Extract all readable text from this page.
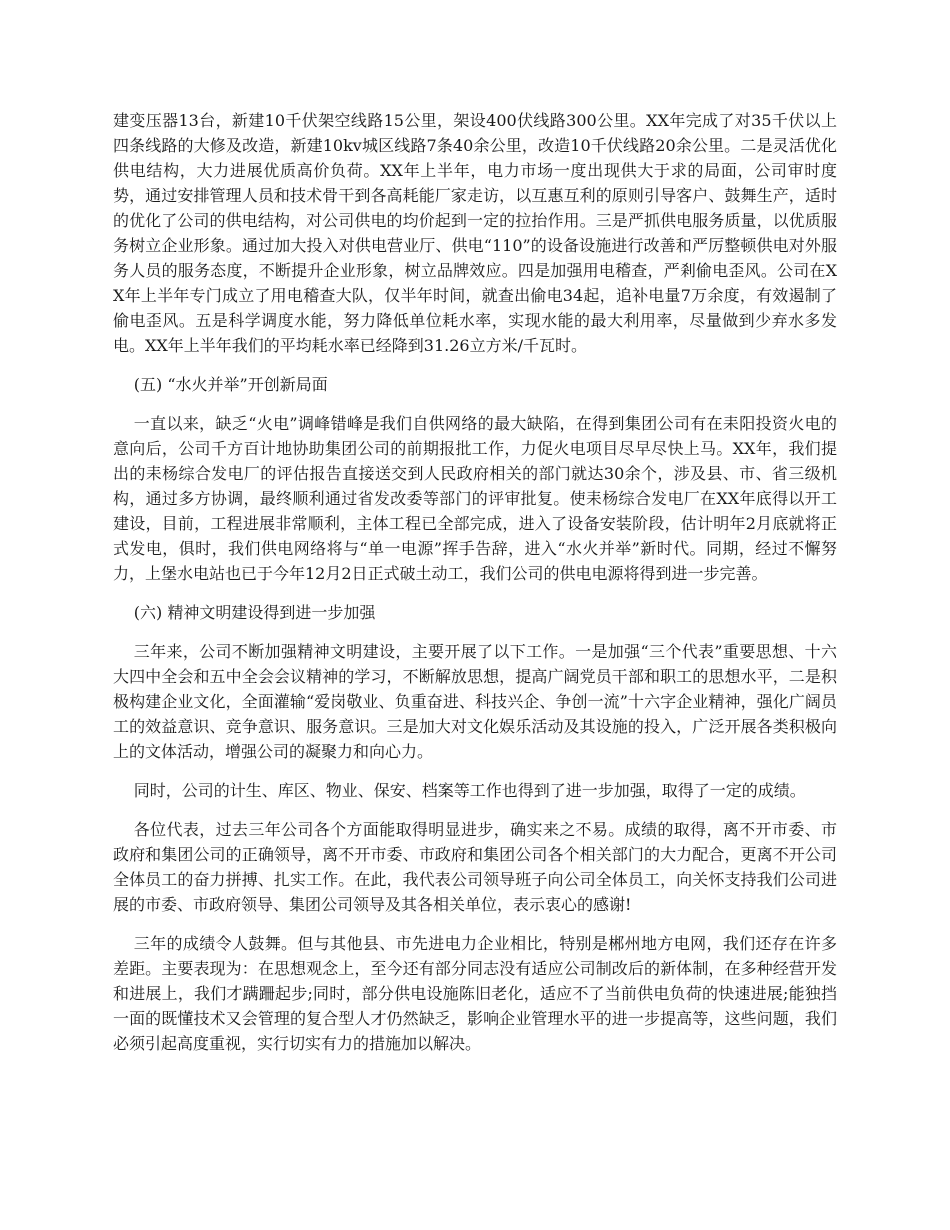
建变压器13台，新建10千伏架空线路15公里，架设400伏线路300公里。XX年完成了对35千伏以上四条线路的大修及改造，新建10kv城区线路7条40余公里，改造10千伏线路20余公里。二是灵活优化供电结构，大力进展优质高价负荷。XX年上半年，电力市场一度出现供大于求的局面，公司审时度势，通过安排管理人员和技术骨干到各高耗能厂家走访，以互惠互利的原则引导客户、鼓舞生产，适时的优化了公司的供电结构，对公司供电的均价起到一定的拉抬作用。三是严抓供电服务质量，以优质服务树立企业形象。通过加大投入对供电营业厅、供电“110”的设备设施进行改善和严厉整顿供电对外服务人员的服务态度，不断提升企业形象，树立品牌效应。四是加强用电稽查，严剎偷电歪风。公司在XX年上半年专门成立了用电稽查大队，仅半年时间，就查出偷电34起，追补电量7万余度，有效遏制了偷电歪风。五是科学调度水能，努力降低单位耗水率，实现水能的最大利用率，尽量做到少弃水多发电。XX年上半年我们的平均耗水率已经降到31.26立方米/千瓦时。

(五) “水火并举”开创新局面

一直以来，缺乏“火电”调峰错峰是我们自供网络的最大缺陷，在得到集团公司有在耒阳投资火电的意向后，公司千方百计地协助集团公司的前期报批工作，力促火电项目尽早尽快上马。XX年，我们提出的耒杨综合发电厂的评估报告直接送交到人民政府相关的部门就达30余个，涉及县、市、省三级机构，通过多方协调，最终顺利通过省发改委等部门的评审批复。使耒杨综合发电厂在XX年底得以开工建设，目前，工程进展非常顺利，主体工程已全部完成，进入了设备安装阶段，估计明年2月底就将正式发电，俱时，我们供电网络将与“单一电源”挥手告辞，进入“水火并举”新时代。同期，经过不懈努力，上堡水电站也已于今年12月2日正式破土动工，我们公司的供电电源将得到进一步完善。

(六) 精神文明建设得到进一步加强

三年来，公司不断加强精神文明建设，主要开展了以下工作。一是加强“三个代表”重要思想、十六大四中全会和五中全会会议精神的学习，不断解放思想，提高广阔党员干部和职工的思想水平，二是积极构建企业文化，全面灌输“爱岗敬业、负重奋进、科技兴企、争创一流”十六字企业精神，强化广阔员工的效益意识、竞争意识、服务意识。三是加大对文化娱乐活动及其设施的投入，广泛开展各类积极向上的文体活动，增强公司的凝聚力和向心力。

同时，公司的计生、库区、物业、保安、档案等工作也得到了进一步加强，取得了一定的成绩。

各位代表，过去三年公司各个方面能取得明显进步，确实来之不易。成绩的取得，离不开市委、市政府和集团公司的正确领导，离不开市委、市政府和集团公司各个相关部门的大力配合，更离不开公司全体员工的奋力拼搏、扎实工作。在此，我代表公司领导班子向公司全体员工，向关怀支持我们公司进展的市委、市政府领导、集团公司领导及其各相关单位，表示衷心的感谢!

三年的成绩令人鼓舞。但与其他县、市先进电力企业相比，特别是郴州地方电网，我们还存在许多差距。主要表现为：在思想观念上，至今还有部分同志没有适应公司制改后的新体制，在多种经营开发和进展上，我们才蹒跚起步;同时，部分供电设施陈旧老化，适应不了当前供电负荷的快速进展;能独挡一面的既懂技术又会管理的复合型人才仍然缺乏，影响企业管理水平的进一步提高等，这些问题，我们必须引起高度重视，实行切实有力的措施加以解决。
